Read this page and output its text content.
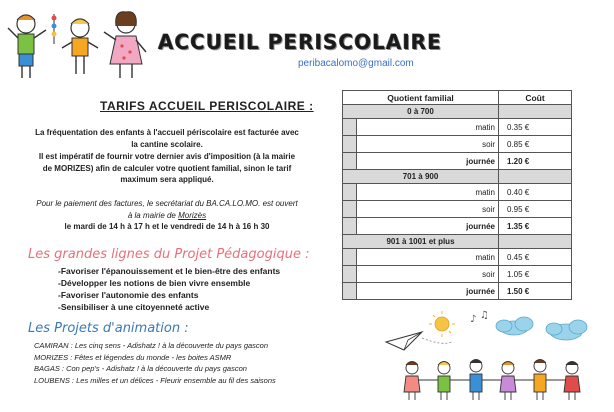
ACCUEIL PERISCOLAIRE
peribacalomo@gmail.com
TARIFS ACCUEIL PERISCOLAIRE :

La fréquentation des enfants à l'accueil périscolaire est facturée avec
la cantine scolaire.

Il est impératif de fournir votre dernier avis d'imposition (à la mairie
de MORIZES) afin de calculer votre quotient familial, sinon le tarif
maximum sera appliqué.

Pour le paiement des factures, le secrétariat du BA.CA.LO.MO. est ouvert
à la mairie de Morizès
le mardi de 14 h à 17 h et le vendredi de 14 h à 16 h 30

Les grandes lignes du Projet Pédagogique :
-Favoriser l'épanouissement et le bien-être des enfants
-Développer les notions de bien vivre ensemble
-Favoriser l'autonomie des enfants
-Sensibiliser à une citoyenneté active
Les Projets d'animation :
CAMIRAN : Les cinq sens - Adishatz ! à la découverte du pays gascon
MORIZES : Fêtes et légendes du monde - les boites ASMR
BAGAS : Con pep's - Adishatz ! à la découverte du pays gascon
LOUBENS : Les milles et un délices - Fleurir ensemble au fil des saisons
Quotient familial		Coût
0 à 700		
	matin	0.35 €
	soir	0.85 €
	journée	1.20 €
701 à 900		
	matin	0.40 €
	soir	0.95 €
	journée	1.35 €
901 à 1001 et plus		
	matin	0.45 €
	soir	1.05 €
	journée	1.50 €
♪ ♫
